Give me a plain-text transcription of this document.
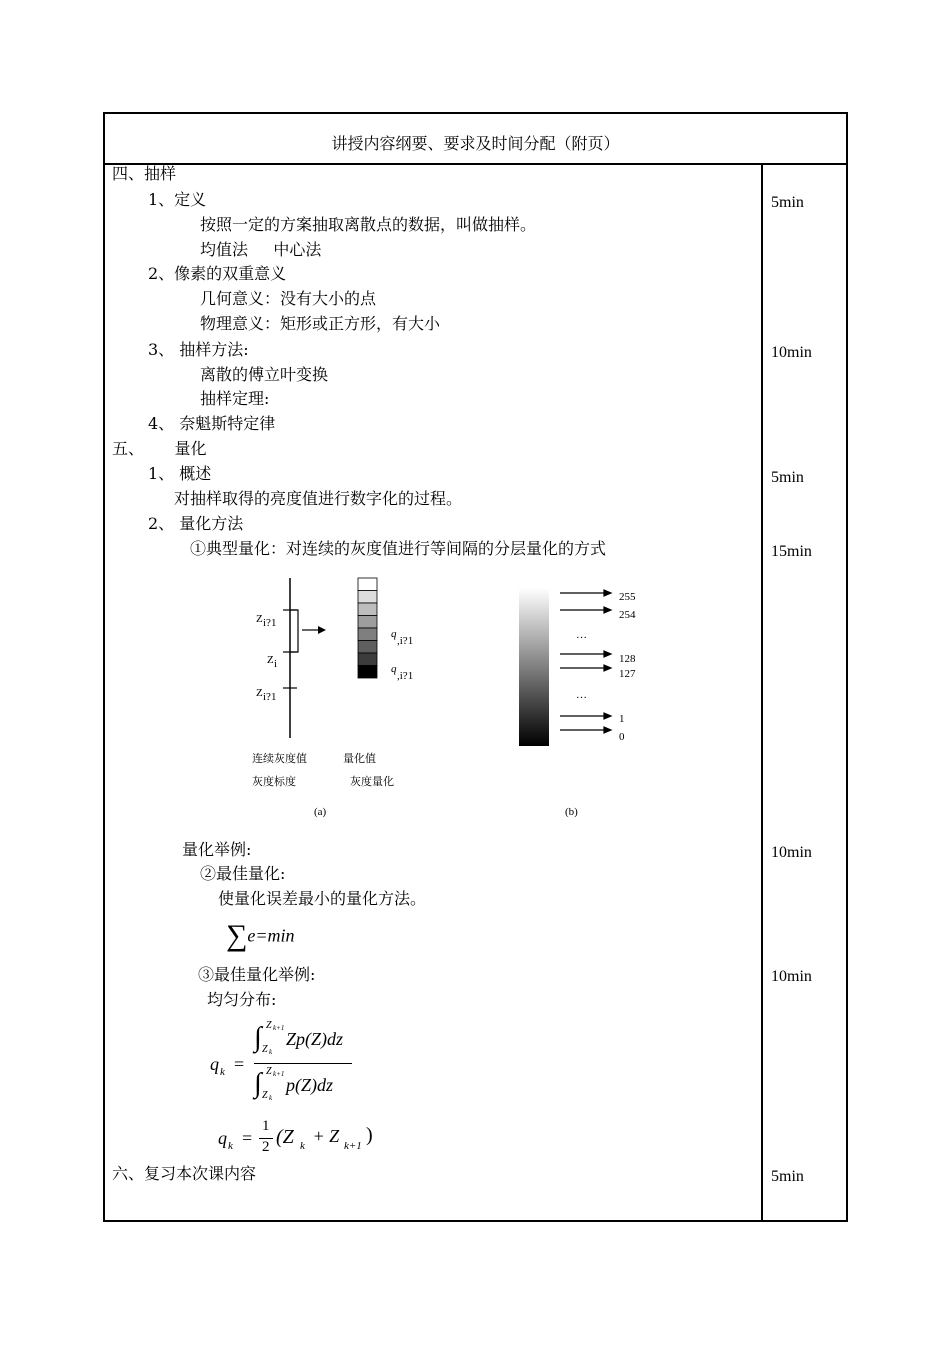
讲授内容纲要、要求及时间分配（附页）
四、抽样
1、定义
按照一定的方案抽取离散点的数据，叫做抽样。
均值法     中心法
2、像素的双重意义
几何意义：没有大小的点
物理意义：矩形或正方形，有大小
3、 抽样方法:
离散的傅立叶变换
抽样定理:
4、 奈魁斯特定律
五、      量化
1、 概述
对抽样取得的亮度值进行数字化的过程。
2、 量化方法
①典型量化：对连续的灰度值进行等间隔的分层量化的方式
量化举例:
②最佳量化:
使量化误差最小的量化方法。
③最佳量化举例:
均匀分布:
六、复习本次课内容
5min
10min
5min
15min
10min
10min
5min
Z i?1
Z i
Z i?1
q
,i?1
q
,i?1
连续灰度值	量化值
灰度标度	灰度量化
(a)
255
254
…
128
127
…
1
0
(b)
∑e=min
q k =
∫ Z k+1
Z k
Zp(Z)dz
∫ Z k+1
Z k
p(Z)dz
q k =
1
2 (Z k + Z k+1 )
